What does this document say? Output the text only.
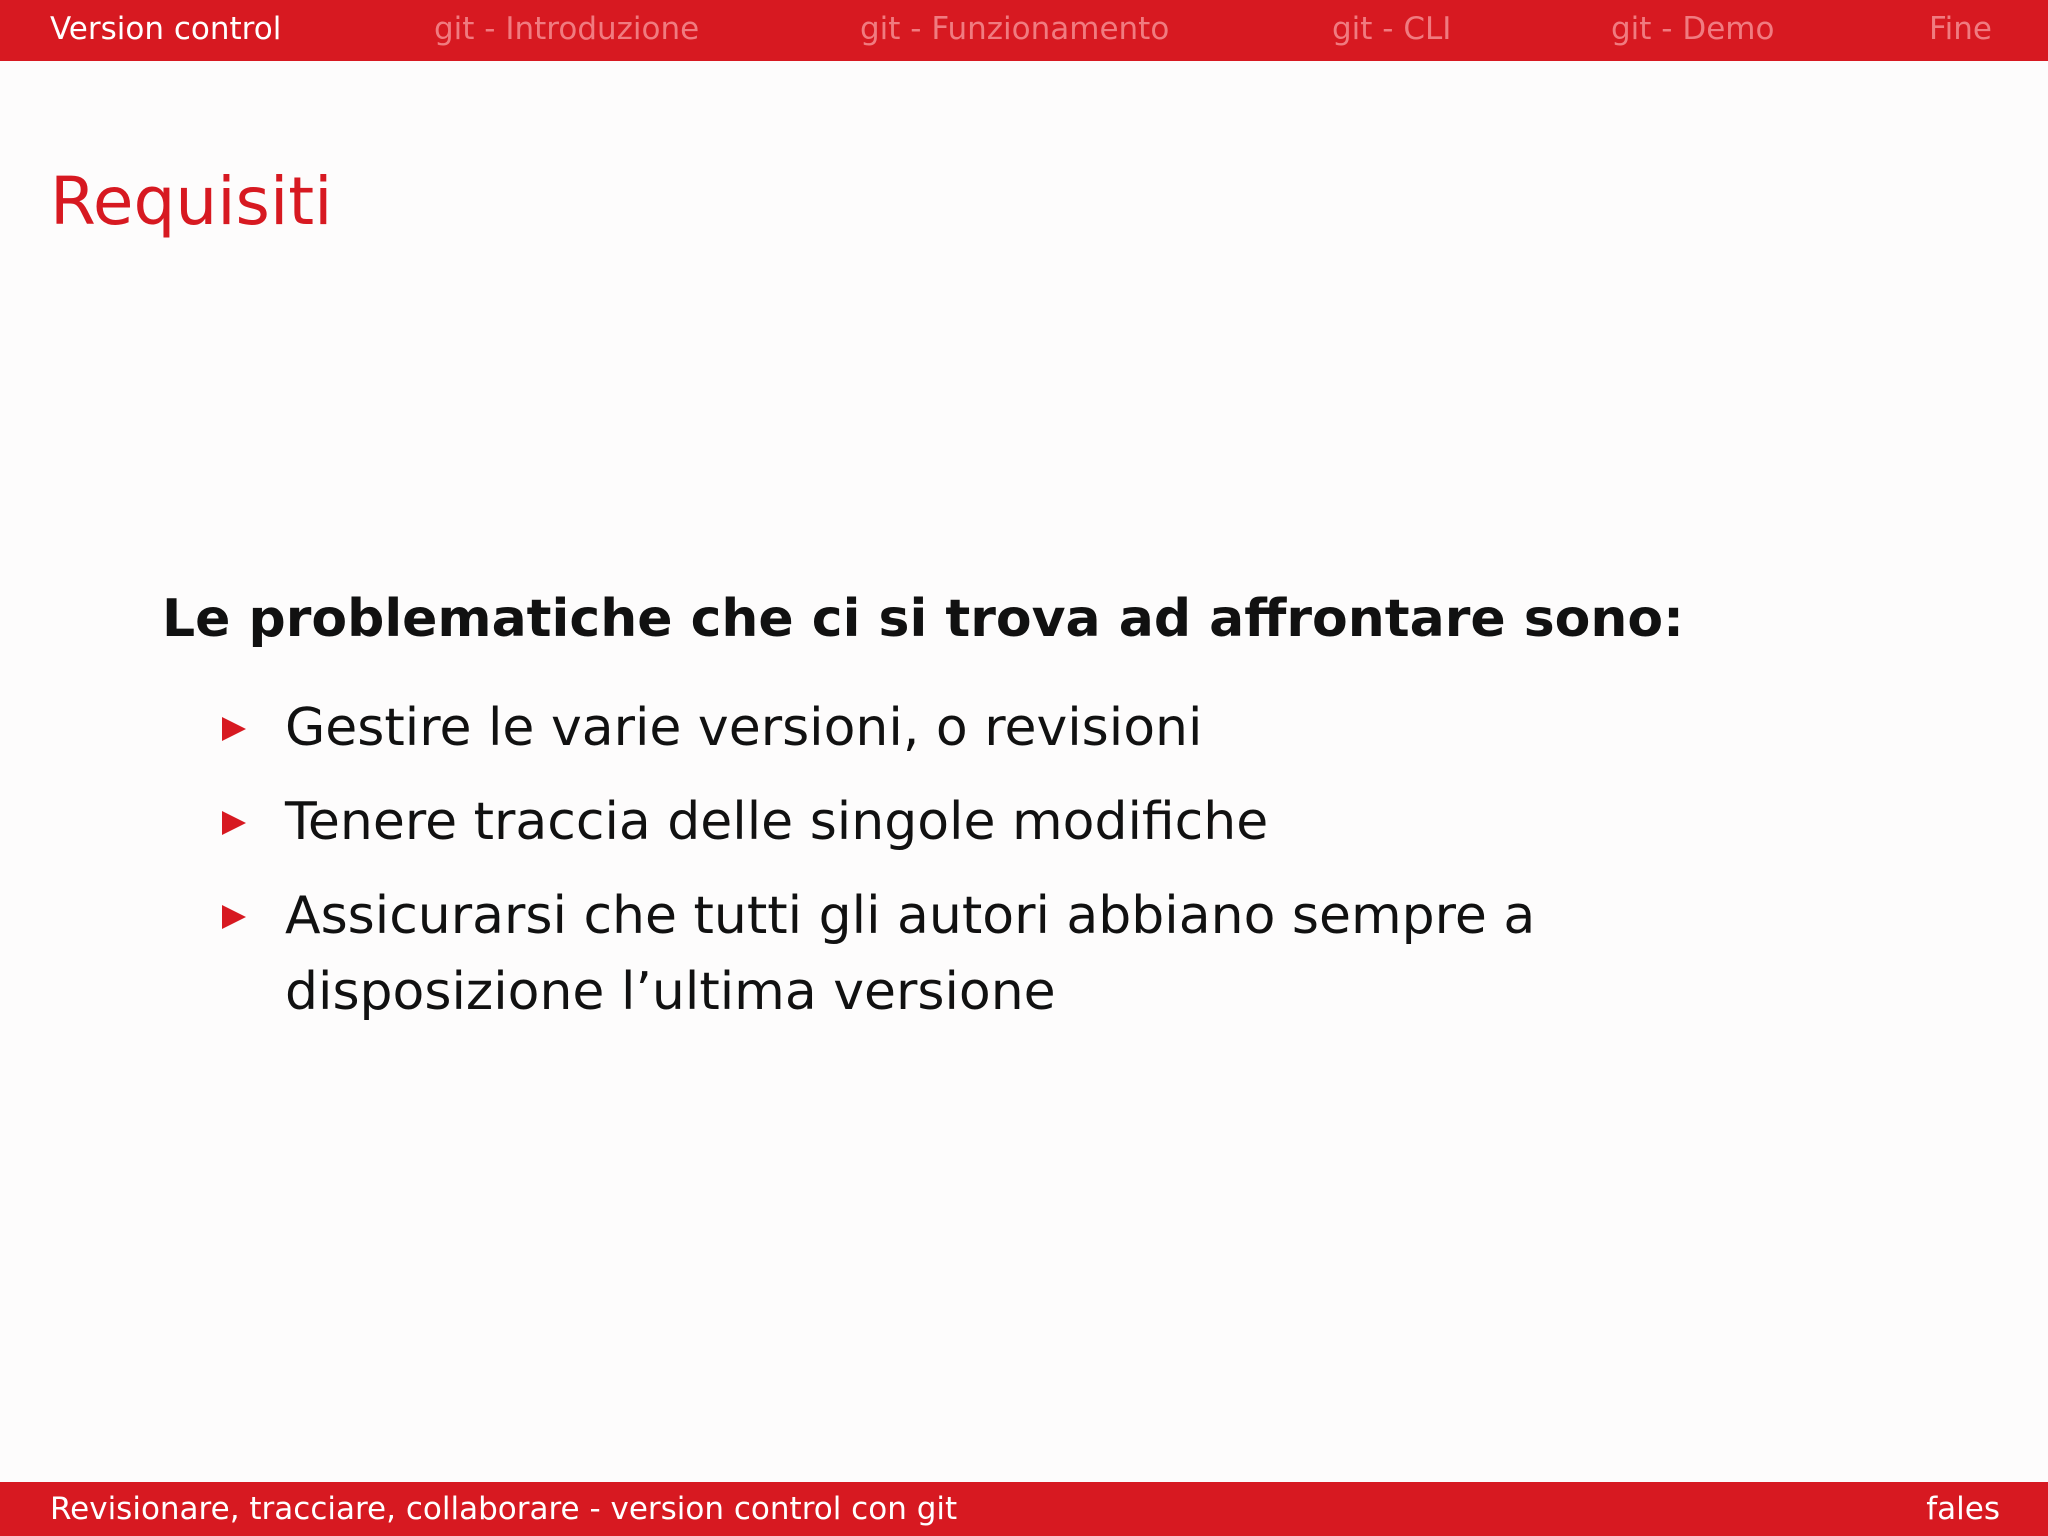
Version control	git - Introduzione	git - Funzionamento	git - CLI	git - Demo	Fine
Requisiti
Le problematiche che ci si trova ad affrontare sono:
Gestire le varie versioni, o revisioni
Tenere traccia delle singole modifiche
Assicurarsi che tutti gli autori abbiano sempre a disposizione l’ultima versione
Revisionare, tracciare, collaborare - version control con git	fales
